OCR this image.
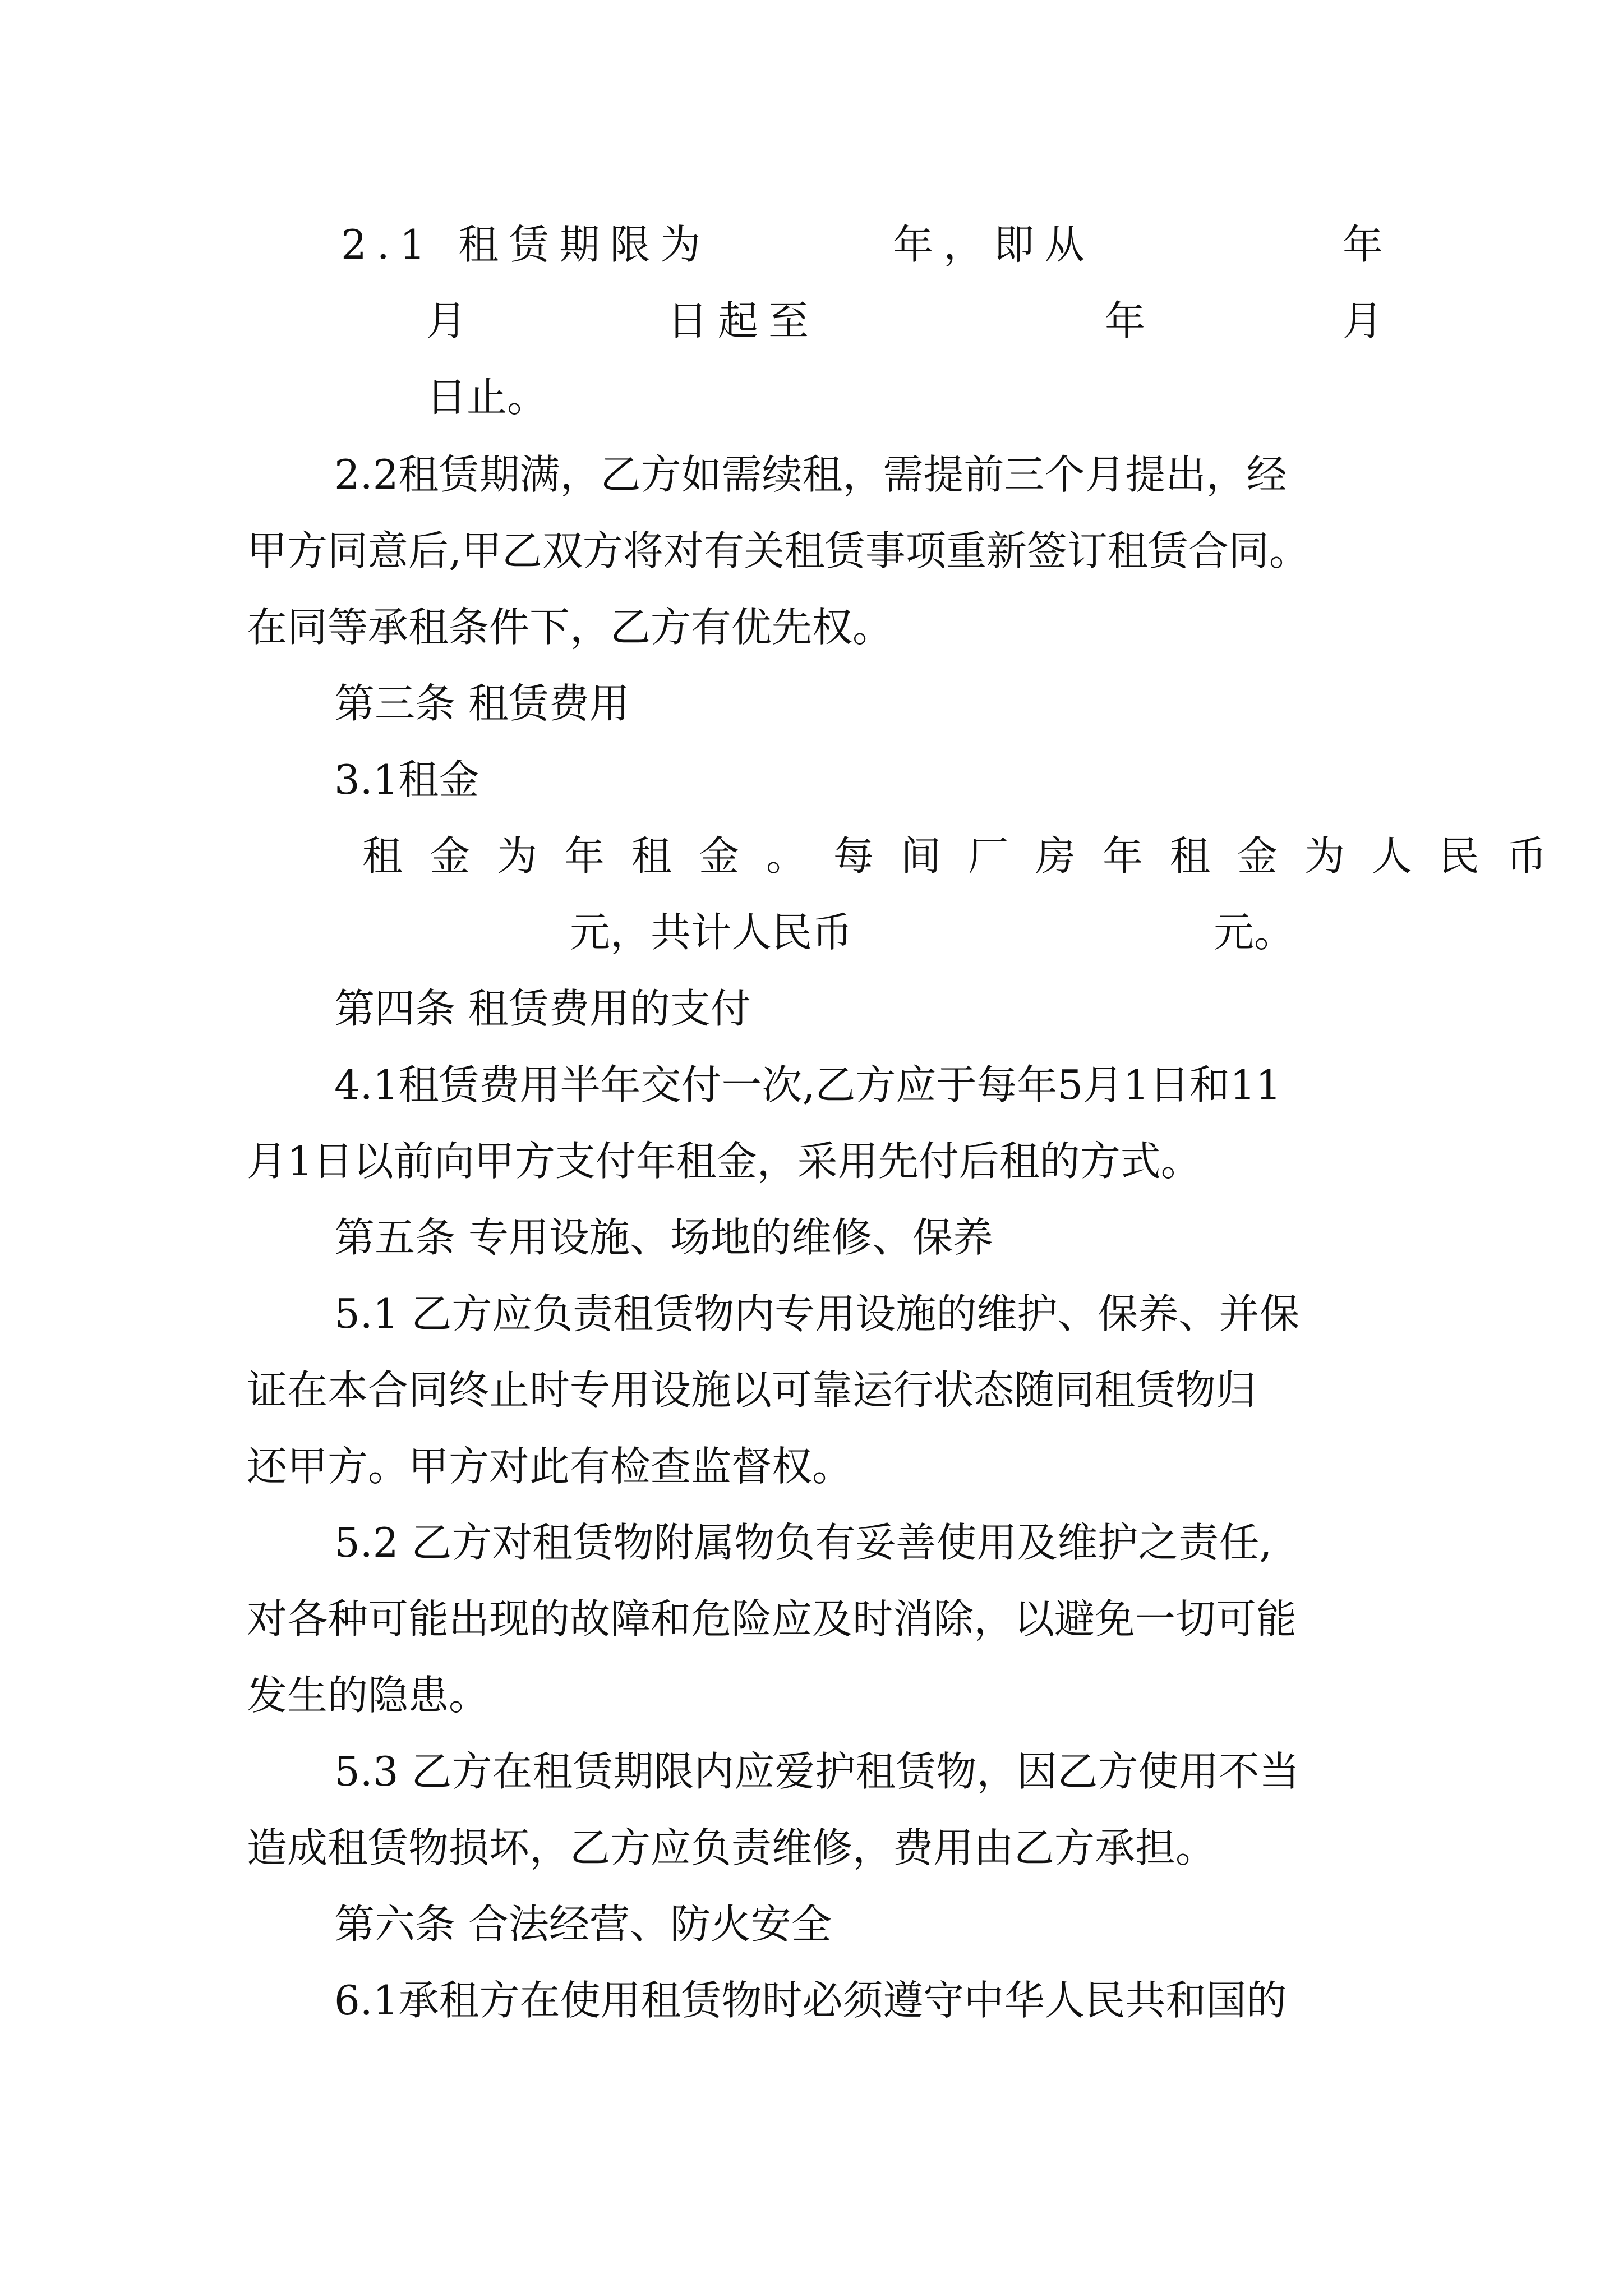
2.1 租赁期限为	年，即从	年
月	日起至	年	月
日止。
2.2租赁期满，乙方如需续租，需提前三个月提出，经
甲方同意后,甲乙双方将对有关租赁事项重新签订租赁合同。
在同等承租条件下，乙方有优先权。
第三条 租赁费用
3.1租金
租金为年租金。每间厂房年租金为人民币
元，共计人民币	元。
第四条 租赁费用的支付
4.1租赁费用半年交付一次,乙方应于每年5月1日和11
月1日以前向甲方支付年租金，采用先付后租的方式。
第五条 专用设施、场地的维修、保养
5.1 乙方应负责租赁物内专用设施的维护、保养、并保
证在本合同终止时专用设施以可靠运行状态随同租赁物归
还甲方。甲方对此有检查监督权。
5.2 乙方对租赁物附属物负有妥善使用及维护之责任,
对各种可能出现的故障和危险应及时消除，以避免一切可能
发生的隐患。
5.3 乙方在租赁期限内应爱护租赁物，因乙方使用不当
造成租赁物损坏，乙方应负责维修，费用由乙方承担。
第六条 合法经营、防火安全
6.1承租方在使用租赁物时必须遵守中华人民共和国的
